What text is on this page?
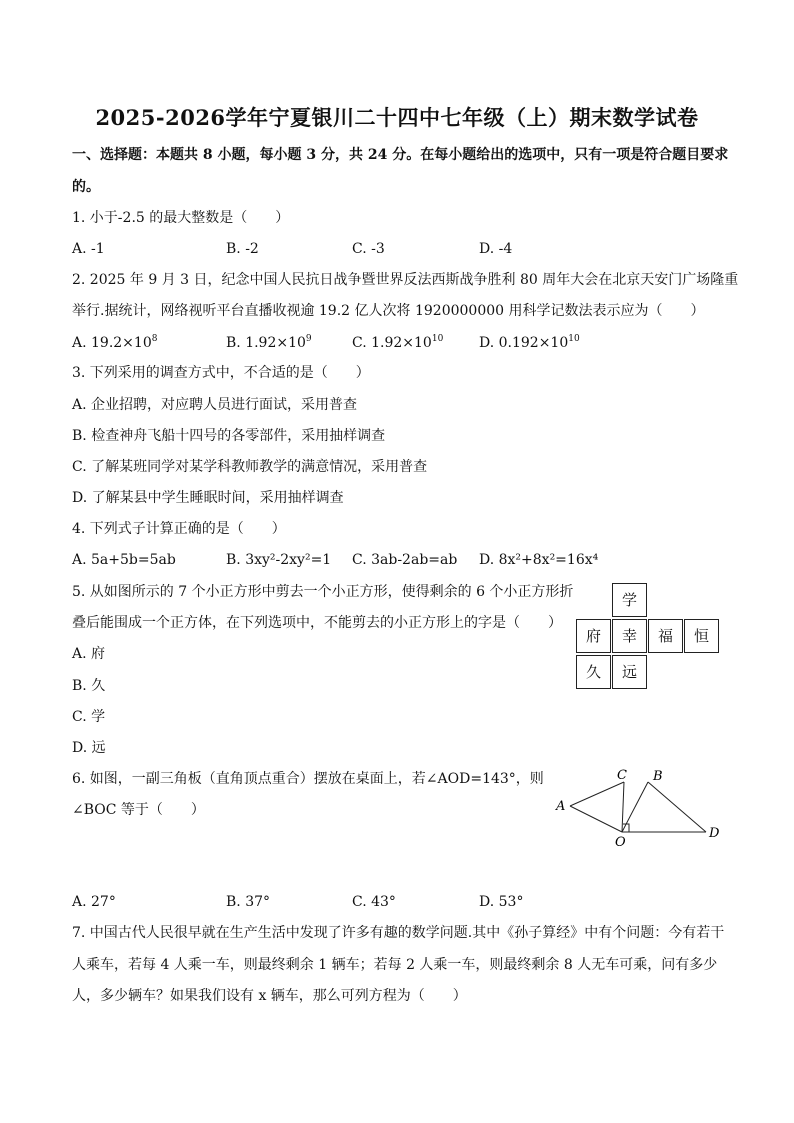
2025-2026学年宁夏银川二十四中七年级（上）期末数学试卷
一、选择题：本题共 8 小题，每小题 3 分，共 24 分。在每小题给出的选项中，只有一项是符合题目要求
的。
1. 小于-2.5 的最大整数是（　　）
A. -1	B. -2	C. -3	D. -4
2. 2025 年 9 月 3 日，纪念中国人民抗日战争暨世界反法西斯战争胜利 80 周年大会在北京天安门广场隆重
举行.据统计，网络视听平台直播收视逾 19.2 亿人次将 1920000000 用科学记数法表示应为（　　）
A. $19.2\times 10^8$	B. $1.92\times 10^9$	C. $1.92\times 10^{10}$	D. $0.192\times 10^{10}$
3. 下列采用的调查方式中，不合适的是（　　）
A. 企业招聘，对应聘人员进行面试，采用普查
B. 检查神舟飞船十四号的各零部件，采用抽样调查
C. 了解某班同学对某学科教师教学的满意情况，采用普查
D. 了解某县中学生睡眠时间，采用抽样调查
4. 下列式子计算正确的是（　　）
A. 5a+5b=5ab	B. 3xy²-2xy²=1 C. 3ab-2ab=ab D. 8x²+8x²=16x⁴
5. 从如图所示的 7 个小正方形中剪去一个小正方形，使得剩余的 6 个小正方形折
叠后能围成一个正方体，在下列选项中，不能剪去的小正方形上的字是（　　）
A. 府
B. 久
C. 学
D. 远
学
府	幸	福	恒
久	远
6. 如图，一副三角板（直角顶点重合）摆放在桌面上，若∠AOD=143°，则
∠BOC 等于（　　）	A
C B
D
O
A. 27°	B. 37°	C. 43°	D. 53°
7. 中国古代人民很早就在生产生活中发现了许多有趣的数学问题.其中《孙子算经》中有个问题：今有若干
人乘车，若每 4 人乘一车，则最终剩余 1 辆车；若每 2 人乘一车，则最终剩余 8 人无车可乘，问有多少
人，多少辆车？如果我们设有 x 辆车，那么可列方程为（　　）
